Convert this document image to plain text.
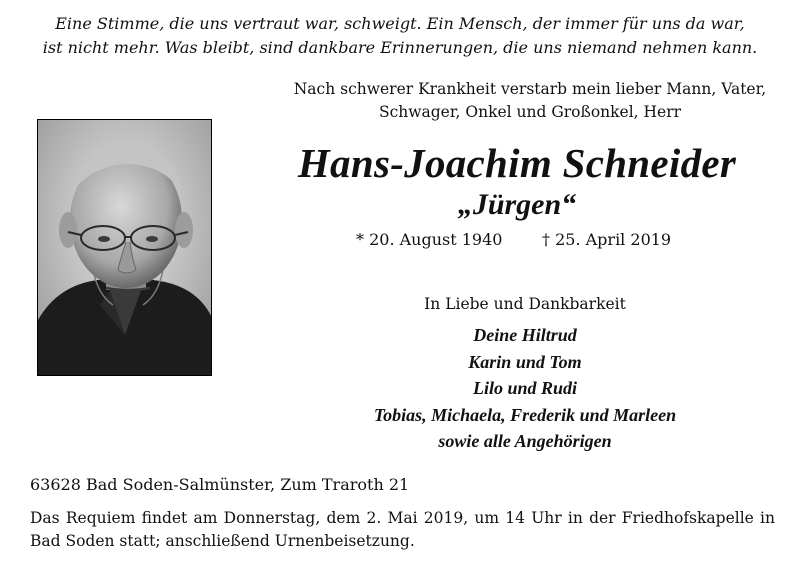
Eine Stimme, die uns vertraut war, schweigt. Ein Mensch, der immer für uns da war,
ist nicht mehr. Was bleibt, sind dankbare Erinnerungen, die uns niemand nehmen kann.
Nach schwerer Krankheit verstarb mein lieber Mann, Vater,
Schwager, Onkel und Großonkel, Herr
Hans-Joachim Schneider
„Jürgen“
* 20. August 1940 † 25. April 2019
In Liebe und Dankbarkeit
Deine Hiltrud
Karin und Tom
Lilo und Rudi
Tobias, Michaela, Frederik und Marleen
sowie alle Angehörigen
63628 Bad Soden-Salmünster, Zum Traroth 21
Das Requiem findet am Donnerstag, dem 2. Mai 2019, um 14 Uhr in der Friedhofskapelle in Bad Soden statt; anschließend Urnenbeisetzung.
